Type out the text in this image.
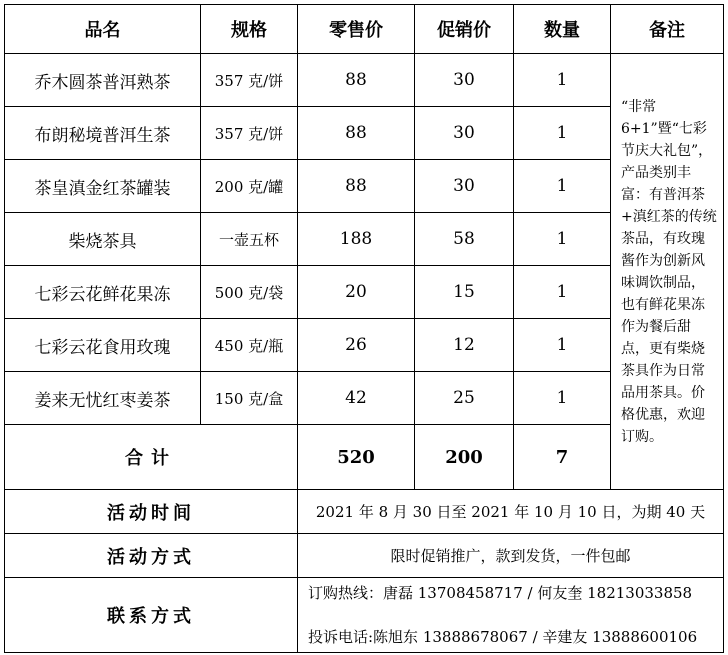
品名	规格	零售价	促销价	数量	备注
乔木圆茶普洱熟茶	357 克/饼	88	30	1	“非常 6+1”暨“七彩节庆大礼包”，产品类别丰富：有普洱茶+滇红茶的传统茶品，有玫瑰酱作为创新风味调饮制品，也有鲜花果冻作为餐后甜点，更有柴烧茶具作为日常品用茶具。价格优惠，欢迎订购。
布朗秘境普洱生茶	357 克/饼	88	30	1	
茶皇滇金红茶罐装	200 克/罐	88	30	1	
柴烧茶具	一壶五杯	188	58	1	
七彩云花鲜花果冻	500 克/袋	20	15	1	
七彩云花食用玫瑰	450 克/瓶	26	12	1	
姜来无忧红枣姜茶	150 克/盒	42	25	1	
合计		520	200	7	
活动时间		2021 年 8 月 30 日至 2021 年 10 月 10 日，为期 40 天			
活动方式		限时促销推广，款到发货，一件包邮			
联系方式		订购热线：唐磊 13708458717 / 何友奎 18213033858
投诉电话:陈旭东 13888678067 / 辛建友 13888600106			
